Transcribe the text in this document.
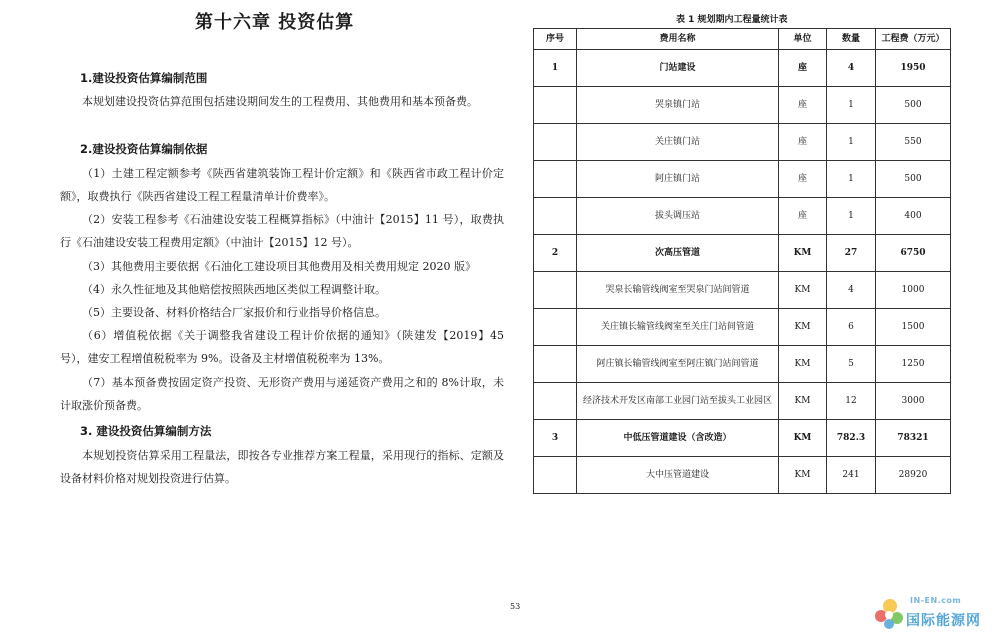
第十六章 投资估算
1.建设投资估算编制范围
本规划建设投资估算范围包括建设期间发生的工程费用、其他费用和基本预备费。
2.建设投资估算编制依据
（1）土建工程定额参考《陕西省建筑装饰工程计价定额》和《陕西省市政工程计价定额》，取费执行《陕西省建设工程工程量清单计价费率》。
（2）安装工程参考《石油建设安装工程概算指标》（中油计【2015】11 号），取费执行《石油建设安装工程费用定额》（中油计【2015】12 号）。
（3）其他费用主要依据《石油化工建设项目其他费用及相关费用规定 2020 版》
（4）永久性征地及其他赔偿按照陕西地区类似工程调整计取。
（5）主要设备、材料价格结合厂家报价和行业指导价格信息。
（6）增值税依据《关于调整我省建设工程计价依据的通知》（陕建发【2019】45 号），建安工程增值税税率为 9%。设备及主材增值税税率为 13%。
（7）基本预备费按固定资产投资、无形资产费用与递延资产费用之和的 8%计取，未计取涨价预备费。
3. 建设投资估算编制方法
本规划投资估算采用工程量法，即按各专业推荐方案工程量，采用现行的指标、定额及设备材料价格对规划投资进行估算。
表 1 规划期内工程量统计表
序号	费用名称	单位	数量	工程费（万元）
1	门站建设	座	4	1950
	哭泉镇门站	座	1	500
	关庄镇门站	座	1	550
	阿庄镇门站	座	1	500
	拔头调压站	座	1	400
2	次高压管道	KM	27	6750
	哭泉长输管线阀室至哭泉门站间管道	KM	4	1000
	关庄镇长输管线阀室至关庄门站间管道	KM	6	1500
	阿庄镇长输管线阀室至阿庄镇门站间管道	KM	5	1250
	经济技术开发区南部工业园门站至拔头工业园区	KM	12	3000
3	中低压管道建设（含改造）	KM	782.3	78321
	大中压管道建设	KM	241	28920
53
IN-EN.com
国际能源网
